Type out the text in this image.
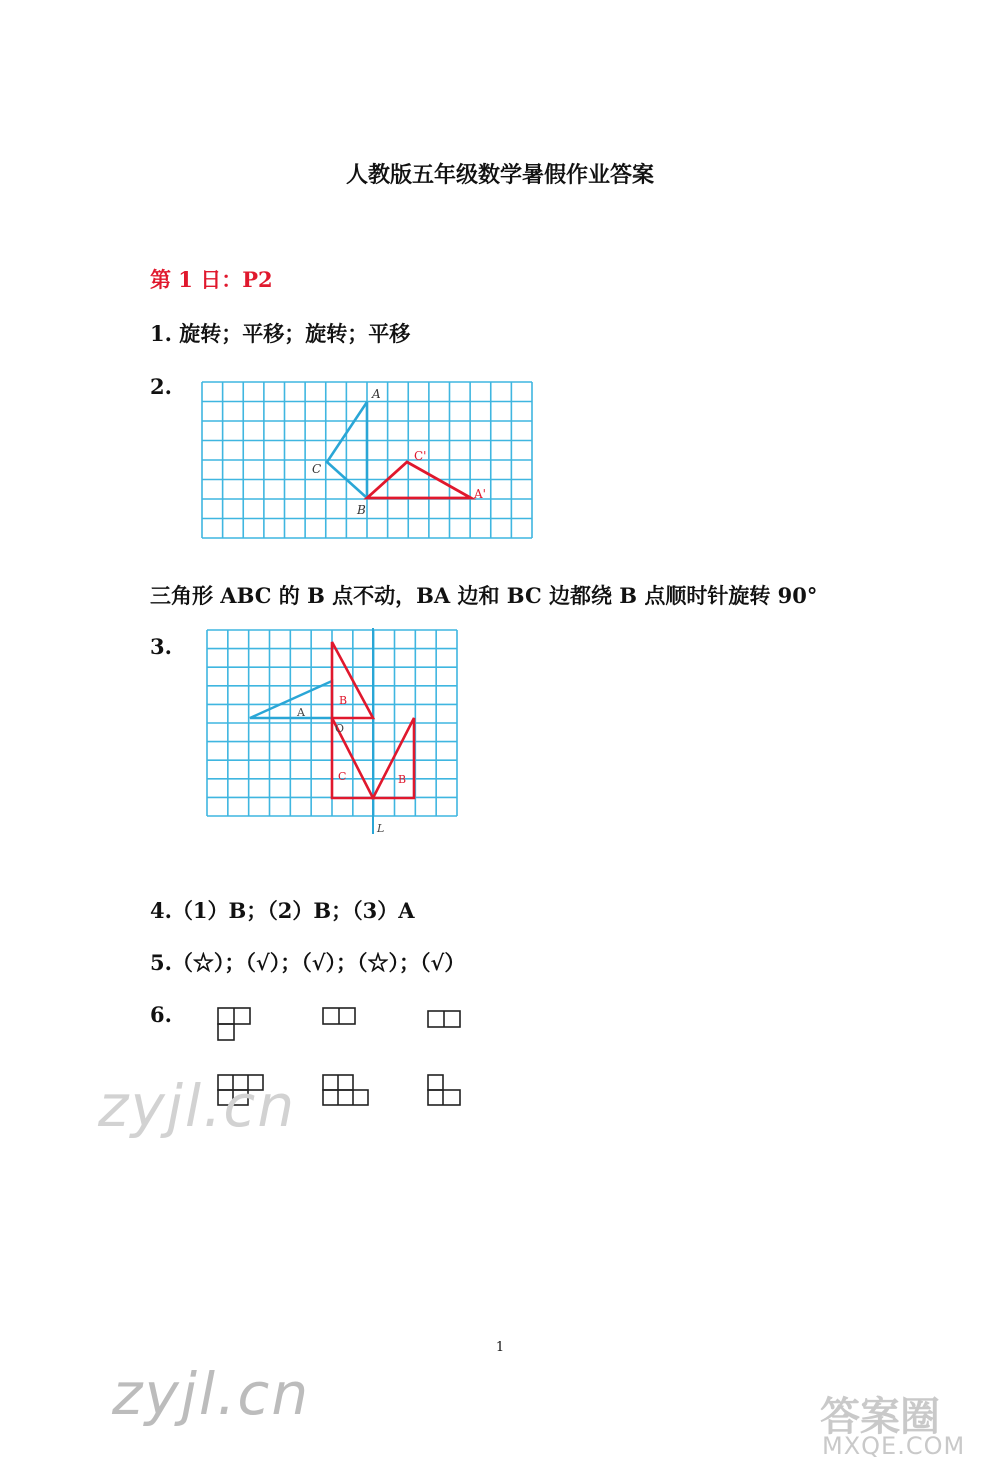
人教版五年级数学暑假作业答案
第 1 日：P2
1. 旋转；平移；旋转；平移
2.	A
C
B
C'
A'
三角形 ABC 的 B 点不动，BA 边和 BC 边都绕 B 点顺时针旋转 90°
3.
A
B
O
C	B
L
4.（1）B；（2）B；（3）A
5.（☆）；（√）；（√）；（☆）；（√）
6.
zyjl.cn
1
zyjl.cn	答案圈
MXQE.COM
